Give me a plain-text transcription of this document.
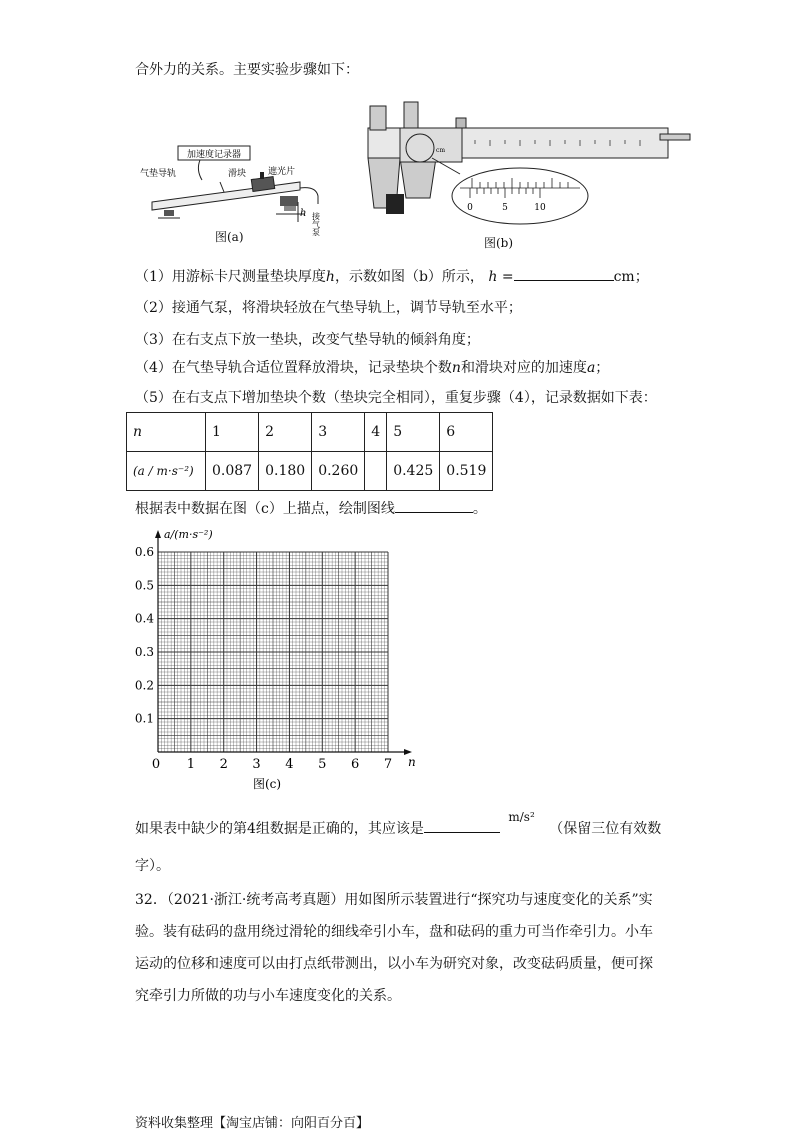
合外力的关系。主要实验步骤如下：
加速度记录器
气垫导轨	滑块 遮光片
h 接气泵
图(a)
0	5	10
cm
图(b)
（1）用游标卡尺测量垫块厚度h，示数如图（b）所示， h =	cm；
（2）接通气泵，将滑块轻放在气垫导轨上，调节导轨至水平；
（3）在右支点下放一垫块，改变气垫导轨的倾斜角度；
（4）在气垫导轨合适位置释放滑块，记录垫块个数n和滑块对应的加速度a；
（5）在右支点下增加垫块个数（垫块完全相同），重复步骤（4），记录数据如下表：
n	1	2	3	4	5	6
(a / m·s⁻²)	0.087	0.180	0.260		0.425	0.519
根据表中数据在图（c）上描点，绘制图线	。
0 1 2 3 4 5 6 7
0.1
0.2
0.3
0.4
0.5
0.6
a/(m·s⁻²)
n
图(c)
如果表中缺少的第4组数据是正确的，其应该是 m/s² （保留三位有效数
字）。
32．（2021·浙江·统考高考真题）用如图所示装置进行“探究功与速度变化的关系”实
验。装有砝码的盘用绕过滑轮的细线牵引小车，盘和砝码的重力可当作牵引力。小车
运动的位移和速度可以由打点纸带测出，以小车为研究对象，改变砝码质量，便可探
究牵引力所做的功与小车速度变化的关系。
资料收集整理【淘宝店铺：向阳百分百】
